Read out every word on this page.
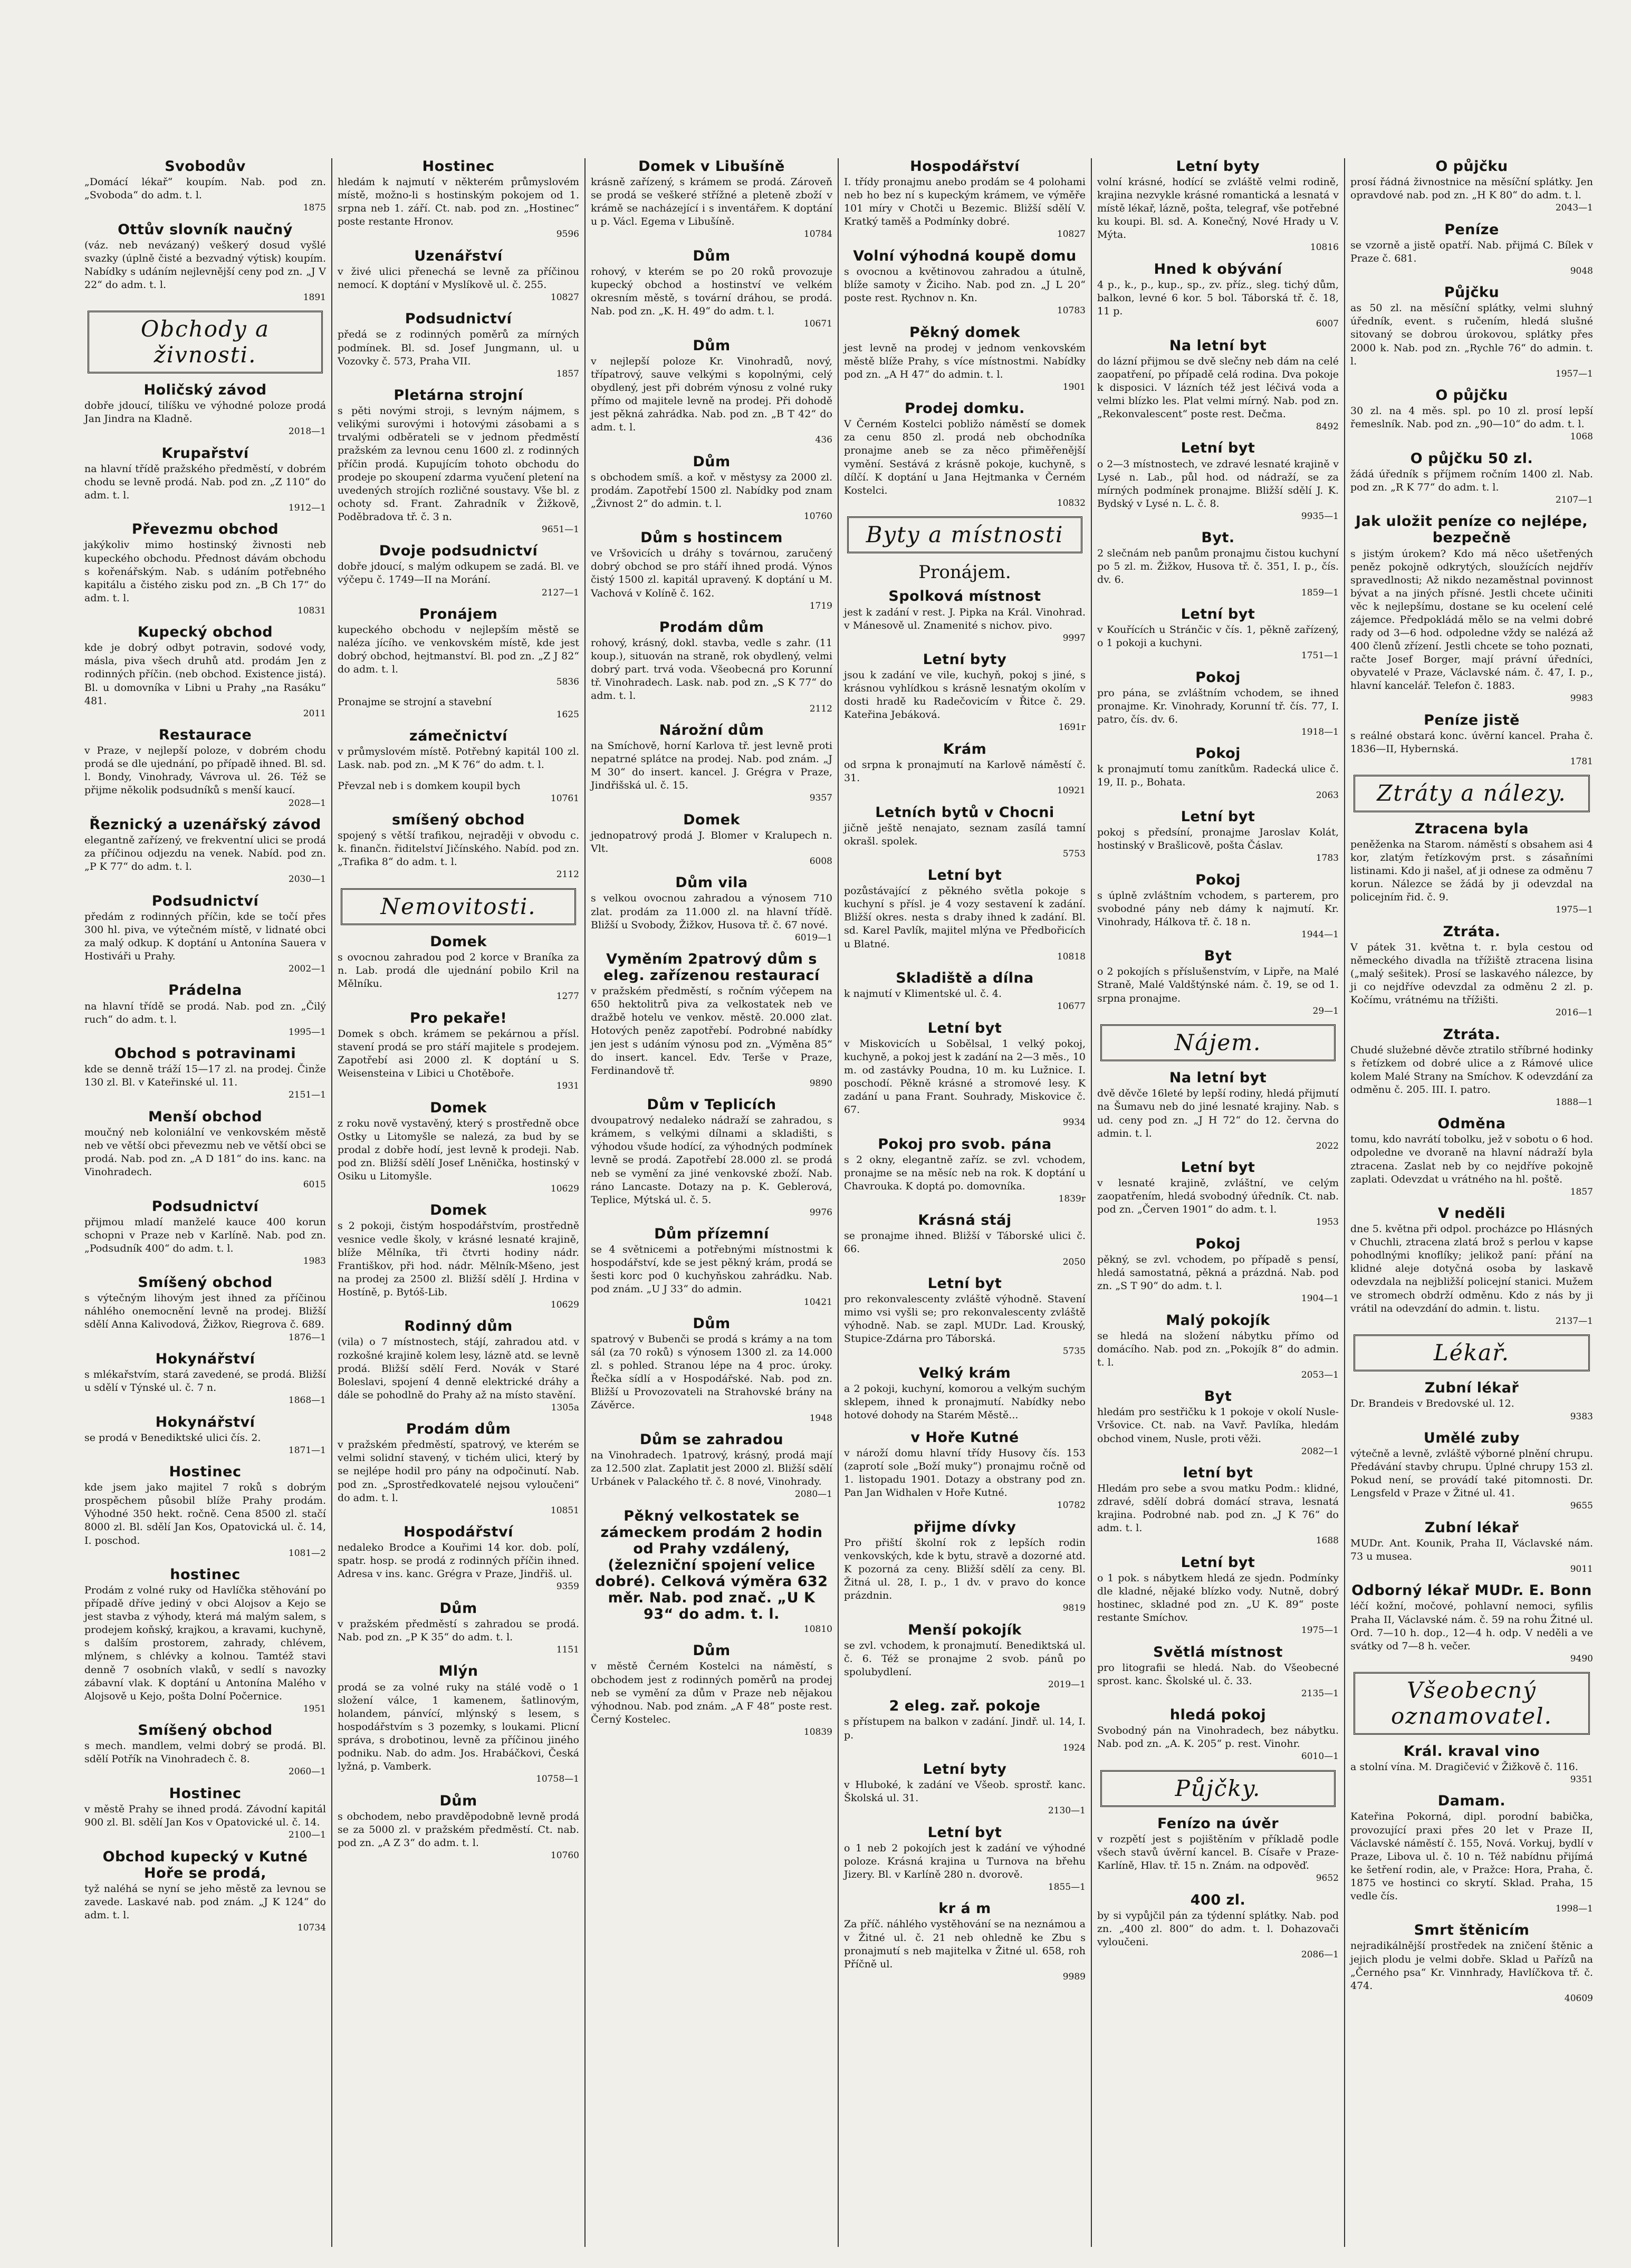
Svobodův

„Domácí lékař“ koupím. Nab. pod zn. „Svoboda“ do adm. t. l.

1875

Ottův slovník naučný

(váz. neb nevázaný) veškerý dosud vyšlé svazky (úplně čisté a bezvadný výtisk) koupím. Nabídky s udáním nejlevnější ceny pod zn. „J V 22“ do adm. t. l.

1891

Obchody a živnosti.
Holičský závod

dobře jdoucí, tilíšku ve výhodné poloze prodá Jan Jindra na Kladně.

2018—1

Krupařství

na hlavní třídě pražského předměstí, v dobrém chodu se levně prodá. Nab. pod zn. „Z 110“ do adm. t. l.

1912—1

Převezmu obchod

jakýkoliv mimo hostinský živnosti neb kupeckého obchodu. Přednost dávám obchodu s kořenářským. Nab. s udáním potřebného kapitálu a čistého zisku pod zn. „B Ch 17“ do adm. t. l.

10831

Kupecký obchod

kde je dobrý odbyt potravin, sodové vody, másla, piva všech druhů atd. prodám Jen z rodinných příčin. (neb obchod. Existence jistá). Bl. u domovníka v Libni u Prahy „na Rasáku“ 481.

2011

Restaurace

v Praze, v nejlepší poloze, v dobrém chodu prodá se dle ujednání, po případě ihned. Bl. sd. l. Bondy, Vinohrady, Vávrova ul. 26. Též se přijme několik podsudníků s menší kaucí.

2028—1

Řeznický a uzenářský závod

elegantně zařízený, ve frekventní ulici se prodá za příčinou odjezdu na venek. Nabíd. pod zn. „P K 77“ do adm. t. l.

2030—1

Podsudnictví

předám z rodinných příčin, kde se točí přes 300 hl. piva, ve výtečném místě, v lidnaté obci za malý odkup. K doptání u Antonína Sauera v Hostiváři u Prahy.

2002—1

Prádelna

na hlavní třídě se prodá. Nab. pod zn. „Čilý ruch“ do adm. t. l.

1995—1

Obchod s potravinami

kde se denně tráží 15—17 zl. na prodej. Činže 130 zl. Bl. v Kateřinské ul. 11.

2151—1

Menší obchod

moučný neb koloniální ve venkovském městě neb ve větší obci převezmu neb ve větší obci se prodá. Nab. pod zn. „A D 181“ do ins. kanc. na Vinohradech.

6015

Podsudnictví

přijmou mladí manželé kauce 400 korun schopni v Praze neb v Karlíně. Nab. pod zn. „Podsudník 400“ do adm. t. l.

1983

Smíšený obchod

s výtečným lihovým jest ihned za příčinou náhlého onemocnění levně na prodej. Bližší sdělí Anna Kalivodová, Žižkov, Riegrova č. 689.

1876—1

Hokynářství

s mlékařstvím, stará zavedené, se prodá. Bližší u sdělí v Týnské ul. č. 7 n.

1868—1

Hokynářství

se prodá v Benediktské ulici čís. 2.

1871—1

Hostinec

kde jsem jako majitel 7 roků s dobrým prospěchem působil blíže Prahy prodám. Výhodné 350 hekt. ročně. Cena 8500 zl. stačí 8000 zl. Bl. sdělí Jan Kos, Opatovická ul. č. 14, I. poschod.

1081—2

hostinec

Prodám z volné ruky od Havlíčka stěhování po případě dříve jediný v obci Alojsov a Kejo se jest stavba z výhody, která má malým salem, s prodejem koňský, krajkou, a kravami, kuchyně, s dalším prostorem, zahrady, chlévem, mlýnem, s chlévky a kolnou. Tamtéž stavi denně 7 osobních vlaků, v sedlí s navozky zábavní vlak. K doptání u Antonína Malého v Alojsově u Kejo, pošta Dolní Počernice.

1951

Smíšený obchod

s mech. mandlem, velmi dobrý se prodá. Bl. sdělí Potřík na Vinohradech č. 8.

2060—1

Hostinec

v městě Prahy se ihned prodá. Závodní kapitál 900 zl. Bl. sdělí Jan Kos v Opatovické ul. č. 14.

2100—1

Obchod kupecký v Kutné Hoře se prodá,

tyž naléhá se nyní se jeho městě za levnou se zavede. Laskavé nab. pod znám. „J K 124“ do adm. t. l.

10734

Hostinec

hledám k najmutí v některém průmyslovém místě, možno-li s hostinským pokojem od 1. srpna neb 1. září. Ct. nab. pod zn. „Hostinec“ poste restante Hronov.

9596

Uzenářství

v živé ulici přenechá se levně za příčinou nemocí. K doptání v Myslíkově ul. č. 255.

10827

Podsudnictví

předá se z rodinných poměrů za mírných podmínek. Bl. sd. Josef Jungmann, ul. u Vozovky č. 573, Praha VII.

1857

Pletárna strojní

s pěti novými stroji, s levným nájmem, s velikými surovými i hotovými zásobami a s trvalými odběrateli se v jednom předměstí pražském za levnou cenu 1600 zl. z rodinných příčin prodá. Kupujícím tohoto obchodu do prodeje po skoupení zdarma vyučení pletení na uvedených strojích rozličné soustavy. Vše bl. z ochoty sd. Frant. Zahradník v Žižkově, Poděbradova tř. č. 3 n.

9651—1

Dvoje podsudnictví

dobře jdoucí, s malým odkupem se zadá. Bl. ve výčepu č. 1749—II na Morání.

2127—1

Pronájem

kupeckého obchodu v nejlepším městě se naléza jícího. ve venkovském místě, kde jest dobrý obchod, hejtmanství. Bl. pod zn. „Z J 82“ do adm. t. l.

5836

Pronajme se strojní a stavební

1625

zámečnictví

v průmyslovém místě. Potřebný kapitál 100 zl. Lask. nab. pod zn. „M K 76“ do adm. t. l.

Převzal neb i s domkem koupil bych

10761

smíšený obchod

spojený s větší trafikou, nejraději v obvodu c. k. finančn. řiditelství Jičínského. Nabíd. pod zn. „Trafika 8“ do adm. t. l.

2112

Nemovitosti.
Domek

s ovocnou zahradou pod 2 korce v Braníka za n. Lab. prodá dle ujednání pobilo Kril na Mělníku.

1277

Pro pekaře!

Domek s obch. krámem se pekárnou a přísl. stavení prodá se pro stáří majitele s prodejem. Zapotřebí asi 2000 zl. K doptání u S. Weisensteina v Libici u Chotěboře.

1931

Domek

z roku nově vystavěný, který s prostředně obce Ostky u Litomyšle se nalezá, za bud by se prodal z dobře hodí, jest levně k prodeji. Nab. pod zn. Bližší sdělí Josef Lněnička, hostinský v Osiku u Litomyšle.

10629

Domek

s 2 pokoji, čistým hospodářstvím, prostředně vesnice vedle školy, v krásné lesnaté krajině, blíže Mělníka, tři čtvrti hodiny nádr. Františkov, při hod. nádr. Mělník-Mšeno, jest na prodej za 2500 zl. Bližší sdělí J. Hrdina v Hostíně, p. Bytóš-Lib.

10629

Rodinný dům

(vila) o 7 místnostech, stájí, zahradou atd. v rozkošné krajině kolem lesy, lázně atd. se levně prodá. Bližší sdělí Ferd. Novák v Staré Boleslavi, spojení 4 denně elektrické dráhy a dále se pohodlně do Prahy až na místo stavění.

1305a

Prodám dům

v pražském předměstí, spatrový, ve kterém se velmi solidní stavený, v tichém ulici, který by se nejlépe hodil pro pány na odpočinutí. Nab. pod zn. „Sprostředkovatelé nejsou vyloučeni“ do adm. t. l.

10851

Hospodářství

nedaleko Brodce a Kouřimi 14 kor. dob. polí, spatr. hosp. se prodá z rodinných příčin ihned. Adresa v ins. kanc. Grégra v Praze, Jindřiš. ul.

9359

Dům

v pražském předměstí s zahradou se prodá. Nab. pod zn. „P K 35“ do adm. t. l.

1151

Mlýn

prodá se za volné ruky na stálé vodě o 1 složení válce, 1 kamenem, šatlinovým, holandem, pánvící, mlýnský s lesem, s hospodářstvím s 3 pozemky, s loukami. Plicní správa, s drobotinou, levně za příčinou jiného podniku. Nab. do adm. Jos. Hrabáčkovi, Česká lyžná, p. Vamberk.

10758—1

Dům

s obchodem, nebo pravděpodobně levně prodá se za 5000 zl. v pražském předměstí. Ct. nab. pod zn. „A Z 3“ do adm. t. l.

10760

Domek v Libušíně

krásně zařízený, s krámem se prodá. Zároveň se prodá se veškeré střížné a pleteně zboží v krámě se nacházející i s inventářem. K doptání u p. Václ. Egema v Libušíně.

10784

Dům

rohový, v kterém se po 20 roků provozuje kupecký obchod a hostinství ve velkém okresním městě, s tovární dráhou, se prodá. Nab. pod zn. „K. H. 49“ do adm. t. l.

10671

Dům

v nejlepší poloze Kr. Vinohradů, nový, třípatrový, sauve velkými s kopolnými, celý obydlený, jest při dobrém výnosu z volné ruky přímo od majitele levně na prodej. Při dohodě jest pěkná zahrádka. Nab. pod zn. „B T 42“ do adm. t. l.

436

Dům

s obchodem smíš. a koř. v městysy za 2000 zl. prodám. Zapotřebí 1500 zl. Nabídky pod znam „Živnost 2“ do admin. t. l.

10760

Dům s hostincem

ve Vršovicích u dráhy s továrnou, zaručený dobrý obchod se pro stáří ihned prodá. Výnos čistý 1500 zl. kapitál upravený. K doptání u M. Vachová v Kolíně č. 162.

1719

Prodám dům

rohový, krásný, dokl. stavba, vedle s zahr. (11 koup.), situován na straně, rok obydlený, velmi dobrý part. trvá voda. Všeobecná pro Korunní tř. Vinohradech. Lask. nab. pod zn. „S K 77“ do adm. t. l.

2112

Nárožní dům

na Smíchově, horní Karlova tř. jest levně proti nepatrné splátce na prodej. Nab. pod znám. „J M 30“ do insert. kancel. J. Grégra v Praze, Jindřišská ul. č. 15.

9357

Domek

jednopatrový prodá J. Blomer v Kralupech n. Vlt.

6008

Dům vila

s velkou ovocnou zahradou a výnosem 710 zlat. prodám za 11.000 zl. na hlavní třídě. Bližší u Svobody, Žižkov, Husova tř. č. 67 nové.

6019—1

Vyměním 2patrový dům s eleg. zařízenou restaurací

v pražském předměstí, s ročním výčepem na 650 hektolitrů piva za velkostatek neb ve dražbě hotelu ve venkov. městě. 20.000 zlat. Hotových peněz zapotřebí. Podrobné nabídky jen jest s udáním výnosu pod zn. „Výměna 85“ do insert. kancel. Edv. Terše v Praze, Ferdinandově tř.

9890

Dům v Teplicích

dvoupatrový nedaleko nádraží se zahradou, s krámem, s velkými dílnami a skladišti, s výhodou všude hodící, za výhodných podmínek levně se prodá. Zapotřebí 28.000 zl. se prodá neb se vymění za jiné venkovské zboží. Nab. ráno Lancaste. Dotazy na p. K. Geblerová, Teplice, Mýtská ul. č. 5.

9976

Dům přízemní

se 4 světnicemi a potřebnými místnostmi k hospodářství, kde se jest pěkný krám, prodá se šesti korc pod 0 kuchyňskou zahrádku. Nab. pod znám. „U J 33“ do admin.

10421

Dům

spatrový v Bubenči se prodá s krámy a na tom sál (za 70 roků) s výnosem 1300 zl. za 14.000 zl. s pohled. Stranou lépe na 4 proc. úroky. Řečka sídlí a v Hospodářské. Nab. pod zn. Bližší u Provozovateli na Strahovské brány na Závěrce.

1948

Dům se zahradou

na Vinohradech. 1patrový, krásný, prodá mají za 12.500 zlat. Zaplatit jest 2000 zl. Bližší sdělí Urbánek v Palackého tř. č. 8 nové, Vinohrady.

2080—1

Pěkný velkostatek se zámeckem prodám 2 hodin od Prahy vzdálený, (železniční spojení velice dobré). Celková výměra 632 měr. Nab. pod znač. „U K 93“ do adm. t. l.

10810

Dům

v městě Černém Kostelci na náměstí, s obchodem jest z rodinných poměrů na prodej neb se vymění za dům v Praze neb nějakou výhodnou. Nab. pod znám. „A F 48“ poste rest. Černý Kostelec.

10839

Hospodářství

I. třídy pronajmu anebo prodám se 4 polohami neb ho bez ní s kupeckým krámem, ve výměře 101 míry v Chotči u Bezemic. Bližší sdělí V. Kratký taměš a Podmínky dobré.

10827

Volní výhodná koupě domu

s ovocnou a květinovou zahradou a útulně, blíže samoty v Žiciho. Nab. pod zn. „J L 20“ poste rest. Rychnov n. Kn.

10783

Pěkný domek

jest levně na prodej v jednom venkovském městě blíže Prahy, s více místnostmi. Nabídky pod zn. „A H 47“ do admin. t. l.

1901

Prodej domku.

V Černém Kostelci pobližo náměstí se domek za cenu 850 zl. prodá neb obchodníka pronajme aneb se za něco přiměřenější vymění. Sestává z krásně pokoje, kuchyně, s dílčí. K doptání u Jana Hejtmanka v Černém Kostelci.

10832

Byty a místnosti
Pronájem.
Spolková místnost

jest k zadání v rest. J. Pipka na Král. Vinohrad. v Mánesově ul. Znamenité s nichov. pivo.

9997

Letní byty

jsou k zadání ve vile, kuchyň, pokoj s jiné, s krásnou vyhlídkou s krásně lesnatým okolím v dosti hradě ku Radečovicím v Řitce č. 29. Kateřina Jebáková.

1691r

Krám

od srpna k pronajmutí na Karlově náměstí č. 31.

10921

Letních bytů v Chocni

jičně ještě nenajato, seznam zasílá tamní okrašl. spolek.

5753

Letní byt

pozůstávající z pěkného světla pokoje s kuchyní s přísl. je 4 vozy sestavení k zadání. Bližší okres. nesta s draby ihned k zadání. Bl. sd. Karel Pavlík, majitel mlýna ve Předbořicích u Blatné.

10818

Skladiště a dílna

k najmutí v Klimentské ul. č. 4.

10677

Letní byt

v Miskovicích u Sobělsal, 1 velký pokoj, kuchyně, a pokoj jest k zadání na 2—3 měs., 10 m. od zastávky Poudna, 10 m. ku Lužnice. I. poschodí. Pěkně krásné a stromové lesy. K zadání u pana Frant. Souhrady, Miskovice č. 67.

9934

Pokoj pro svob. pána

s 2 okny, elegantně zaříz. se zvl. vchodem, pronajme se na měsíc neb na rok. K doptání u Chavrouka. K doptá po. domovníka.

1839r

Krásná stáj

se pronajme ihned. Bližší v Táborské ulici č. 66.

2050

Letní byt

pro rekonvalescenty zvláště výhodně. Stavení mimo vsi vyšli se; pro rekonvalescenty zvláště výhodně. Nab. se zapl. MUDr. Lad. Krouský, Stupice-Zdárna pro Táborská.

5735

Velký krám

a 2 pokoji, kuchyní, komorou a velkým suchým sklepem, ihned k pronajmutí. Nabídky nebo hotové dohody na Starém Městě...

v Hoře Kutné

v nároží domu hlavní třídy Husovy čís. 153 (zaprotí sole „Boží muky“) pronajmu ročně od 1. listopadu 1901. Dotazy a obstrany pod zn. Pan Jan Widhalen v Hoře Kutné.

10782

přijme dívky

Pro přiští školní rok z lepších rodin venkovských, kde k bytu, stravě a dozorné atd. K pozorná za ceny. Bližší sdělí za ceny. Bl. Žitná ul. 28, I. p., 1 dv. v pravo do konce prázdnin.

9819

Menší pokojík

se zvl. vchodem, k pronajmutí. Benediktská ul. č. 6. Též se pronajme 2 svob. pánů po spolubydlení.

2019—1

2 eleg. zař. pokoje

s přístupem na balkon v zadání. Jindř. ul. 14, I. p.

1924

Letní byty

v Hluboké, k zadání ve Všeob. sprostř. kanc. Školská ul. 31.

2130—1

Letní byt

o 1 neb 2 pokojích jest k zadání ve výhodné poloze. Krásná krajina u Turnova na břehu Jizery. Bl. v Karlíně 280 n. dvorově.

1855—1

kr á m

Za příč. náhlého vystěhování se na neznámou a v Žitné ul. č. 21 neb ohledně ke Zbu s pronajmutí s neb majitelka v Žitné ul. 658, roh Příčně ul.

9989

Letní byty

volní krásné, hodící se zvláště velmi rodině, krajina nezvykle krásné romantická a lesnatá v místě lékař, lázně, pošta, telegraf, vše potřebné ku koupi. Bl. sd. A. Konečný, Nové Hrady u V. Mýta.

10816

Hned k obývání

4 p., k., p., kup., sp., zv. příz., sleg. tichý dům, balkon, levné 6 kor. 5 bol. Táborská tř. č. 18, 11 p.

6007

Na letní byt

do lázní přijmou se dvě slečny neb dám na celé zaopatření, po případě celá rodina. Dva pokoje k disposici. V lázních též jest léčivá voda a velmi blízko les. Plat velmi mírný. Nab. pod zn. „Rekonvalescent“ poste rest. Dečma.

8492

Letní byt

o 2—3 místnostech, ve zdravé lesnaté krajině v Lysé n. Lab., půl hod. od nádraží, se za mírných podmínek pronajme. Bližší sdělí J. K. Bydský v Lysé n. L. č. 8.

9935—1

Byt.

2 slečnám neb panům pronajmu čistou kuchyní po 5 zl. m. Žižkov, Husova tř. č. 351, I. p., čís. dv. 6.

1859—1

Letní byt

v Kouřících u Stránčic v čís. 1, pěkně zařízený, o 1 pokoji a kuchyni.

1751—1

Pokoj

pro pána, se zvláštním vchodem, se ihned pronajme. Kr. Vinohrady, Korunní tř. čís. 77, I. patro, čís. dv. 6.

1918—1

Pokoj

k pronajmutí tomu zanítkům. Radecká ulice č. 19, II. p., Bohata.

2063

Letní byt

pokoj s předsíní, pronajme Jaroslav Kolát, hostinský v Brašlicově, pošta Čáslav.

1783

Pokoj

s úplně zvláštním vchodem, s parterem, pro svobodné pány neb dámy k najmutí. Kr. Vinohrady, Hálkova tř. č. 18 n.

1944—1

Byt

o 2 pokojích s příslušenstvím, v Lipře, na Malé Straně, Malé Valdštýnské nám. č. 19, se od 1. srpna pronajme.

29—1

Nájem.
Na letní byt

dvě děvče 16leté by lepší rodiny, hledá přijmutí na Šumavu neb do jiné lesnaté krajiny. Nab. s ud. ceny pod zn. „J H 72“ do 12. června do admin. t. l.

2022

Letní byt

v lesnaté krajině, zvláštní, ve celým zaopatřením, hledá svobodný úředník. Ct. nab. pod zn. „Červen 1901“ do adm. t. l.

1953

Pokoj

pěkný, se zvl. vchodem, po případě s pensí, hledá samostatná, pěkná a prázdná. Nab. pod zn. „S T 90“ do adm. t. l.

1904—1

Malý pokojík

se hledá na složení nábytku přímo od domácího. Nab. pod zn. „Pokojík 8“ do admin. t. l.

2053—1

Byt

hledám pro sestřičku k 1 pokoje v okolí Nusle-Vršovice. Ct. nab. na Vavř. Pavlíka, hledám obchod vinem, Nusle, proti věži.

2082—1

letní byt

Hledám pro sebe a svou matku Podm.: klidné, zdravé, sdělí dobrá domácí strava, lesnatá krajina. Podrobné nab. pod zn. „J K 76“ do adm. t. l.

1688

Letní byt

o 1 pok. s nábytkem hledá ze sjedn. Podmínky dle kladné, nějaké blízko vody. Nutně, dobrý hostinec, skladné pod zn. „U K. 89“ poste restante Smíchov.

1975—1

Světlá místnost

pro litografii se hledá. Nab. do Všeobecné sprost. kanc. Školské ul. č. 33.

2135—1

hledá pokoj

Svobodný pán na Vinohradech, bez nábytku. Nab. pod zn. „A. K. 205“ p. rest. Vinohr.

6010—1

Půjčky.
Fenízo na úvěr

v rozpětí jest s pojištěním v příkladě podle všech stavů úvěrní kancel. B. Císaře v Praze-Karlíně, Hlav. tř. 15 n. Znám. na odpověď.

9652

400 zl.

by si vypůjčil pán za týdenní splátky. Nab. pod zn. „400 zl. 800“ do adm. t. l. Dohazovači vyloučeni.

2086—1

O půjčku

prosí řádná živnostnice na měsíční splátky. Jen opravdové nab. pod zn. „H K 80“ do adm. t. l.

2043—1

Peníze

se vzorně a jistě opatří. Nab. přijmá C. Bílek v Praze č. 681.

9048

Půjčku

as 50 zl. na měsíční splátky, velmi sluhný úředník, event. s ručením, hledá slušné sitovaný se dobrou úrokovou, splátky přes 2000 k. Nab. pod zn. „Rychle 76“ do admin. t. l.

1957—1

O půjčku

30 zl. na 4 měs. spl. po 10 zl. prosí lepší řemeslník. Nab. pod zn. „90—10“ do adm. t. l.

1068

O půjčku 50 zl.

žádá úředník s příjmem ročním 1400 zl. Nab. pod zn. „R K 77“ do adm. t. l.

2107—1

Jak uložit peníze co nejlépe, bezpečně

s jistým úrokem? Kdo má něco ušetřených peněz pokojně odkrytých, sloužících nejdřív spravedlnosti; Až nikdo nezaměstnal povinnost bývat a na jiných přísné. Jestli chcete učiniti věc k nejlepšímu, dostane se ku ocelení celé zájemce. Předpokládá mělo se na velmi dobré rady od 3—6 hod. odpoledne vždy se nalézá až 400 členů zřízení. Jestli chcete se toho poznati, račte Josef Borger, mají právní úředníci, obyvatelé v Praze, Václavské nám. č. 47, I. p., hlavní kancelář. Telefon č. 1883.

9983

Peníze jistě

s reálné obstará konc. úvěrní kancel. Praha č. 1836—II, Hybernská.

1781

Ztráty a nálezy.
Ztracena byla

peněženka na Starom. náměstí s obsahem asi 4 kor, zlatým řetízkovým prst. s zásaňními listinami. Kdo ji našel, ať ji odnese za odměnu 7 korun. Nálezce se žádá by ji odevzdal na policejním řid. č. 9.

1975—1

Ztráta.

V pátek 31. května t. r. byla cestou od německého divadla na třížiště ztracena lisina („malý sešitek). Prosí se laskavého nálezce, by ji co nejdříve odevzdal za odměnu 2 zl. p. Kočímu, vrátnému na třížišti.

2016—1

Ztráta.

Chudé služebné děvče ztratilo stříbrné hodinky s řetízkem od dobré ulice a z Rámové ulice kolem Malé Strany na Smíchov. K odevzdání za odměnu č. 205. III. I. patro.

1888—1

Odměna

tomu, kdo navrátí tobolku, jež v sobotu o 6 hod. odpoledne ve dvoraně na hlavní nádraží byla ztracena. Zaslat neb by co nejdříve pokojně zaplati. Odevzdat u vrátného na hl. poště.

1857

V neděli

dne 5. května při odpol. procházce po Hlásných v Chuchli, ztracena zlatá brož s perlou v kapse pohodlnými knoflíky; jelikož paní: přání na klidné aleje dotyčná osoba by laskavě odevzdala na nejbližší policejní stanici. Mužem ve stromech obdrží odměnu. Kdo z nás by ji vrátil na odevzdání do admin. t. listu.

2137—1

Lékař.
Zubní lékař

Dr. Brandeis v Bredovské ul. 12.

9383

Umělé zuby

výtečně a levně, zvláště výborné plnění chrupu. Předávání stavby chrupu. Úplné chrupy 153 zl. Pokud není, se provádí také pitomnosti. Dr. Lengsfeld v Praze v Žitné ul. 41.

9655

Zubní lékař

MUDr. Ant. Kounik, Praha II, Václavské nám. 73 u musea.

9011

Odborný lékař MUDr. E. Bonn

léčí kožní, močové, pohlavní nemoci, syfilis Praha II, Václavské nám. č. 59 na rohu Žitné ul. Ord. 7—10 h. dop., 12—4 h. odp. V neděli a ve svátky od 7—8 h. večer.

9490

Všeobecný oznamovatel.
Král. kraval vino

a stolní vína. M. Dragičević v Žižkově č. 116.

9351

Damam.

Kateřina Pokorná, dipl. porodní babička, provozující praxi přes 20 let v Praze II, Václavské náměstí č. 155, Nová. Vorkuj, bydlí v Praze, Libova ul. č. 10 n. Též nabídnu přijímá ke šetření rodin, ale, v Pražce: Hora, Praha, č. 1875 ve hostinci co skrytí. Sklad. Praha, 15 vedle čís.

1998—1

Smrt štěnicím

nejradikálnější prostředek na zničení štěnic a jejich plodu je velmi dobře. Sklad u Pařízů na „Černého psa“ Kr. Vinnhrady, Havlíčkova tř. č. 474.

40609
